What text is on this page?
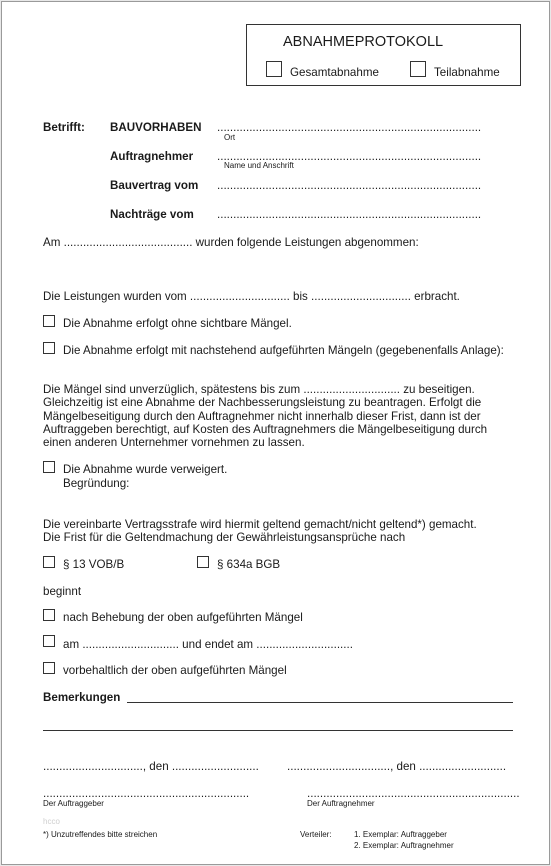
ABNAHMEPROTOKOLL
Gesamtabnahme	Teilabnahme
Betrifft: BAUVORHABEN ..................................................................................
Ort
Auftragnehmer ..................................................................................
Name und Anschrift
Bauvertrag vom ..................................................................................
Nachträge vom ..................................................................................
Am ........................................ wurden folgende Leistungen abgenommen:
Die Leistungen wurden vom ............................... bis ............................... erbracht.
Die Abnahme erfolgt ohne sichtbare Mängel.
Die Abnahme erfolgt mit nachstehend aufgeführten Mängeln (gegebenenfalls Anlage):
Die Mängel sind unverzüglich, spätestens bis zum .............................. zu beseitigen.
Gleichzeitig ist eine Abnahme der Nachbesserungsleistung zu beantragen. Erfolgt die
Mängelbeseitigung durch den Auftragnehmer nicht innerhalb dieser Frist, dann ist der
Auftraggeben berechtigt, auf Kosten des Auftragnehmers die Mängelbeseitigung durch
einen anderen Unternehmer vornehmen zu lassen.
Die Abnahme wurde verweigert.
Begründung:
Die vereinbarte Vertragsstrafe wird hiermit geltend gemacht/nicht geltend*) gemacht.
Die Frist für die Geltendmachung der Gewährleistungsansprüche nach
§ 13 VOB/B	§ 634a BGB
beginnt
nach Behebung der oben aufgeführten Mängel
am .............................. und endet am ..............................
vorbehaltlich der oben aufgeführten Mängel
Bemerkungen
..............................., den ........................... ................................, den ...........................
................................................................	..................................................................
Der Auftraggeber	Der Auftragnehmer
hcco
*) Unzutreffendes bitte streichen	Verteiler:	1. Exemplar: Auftraggeber
2. Exemplar: Auftragnehmer
